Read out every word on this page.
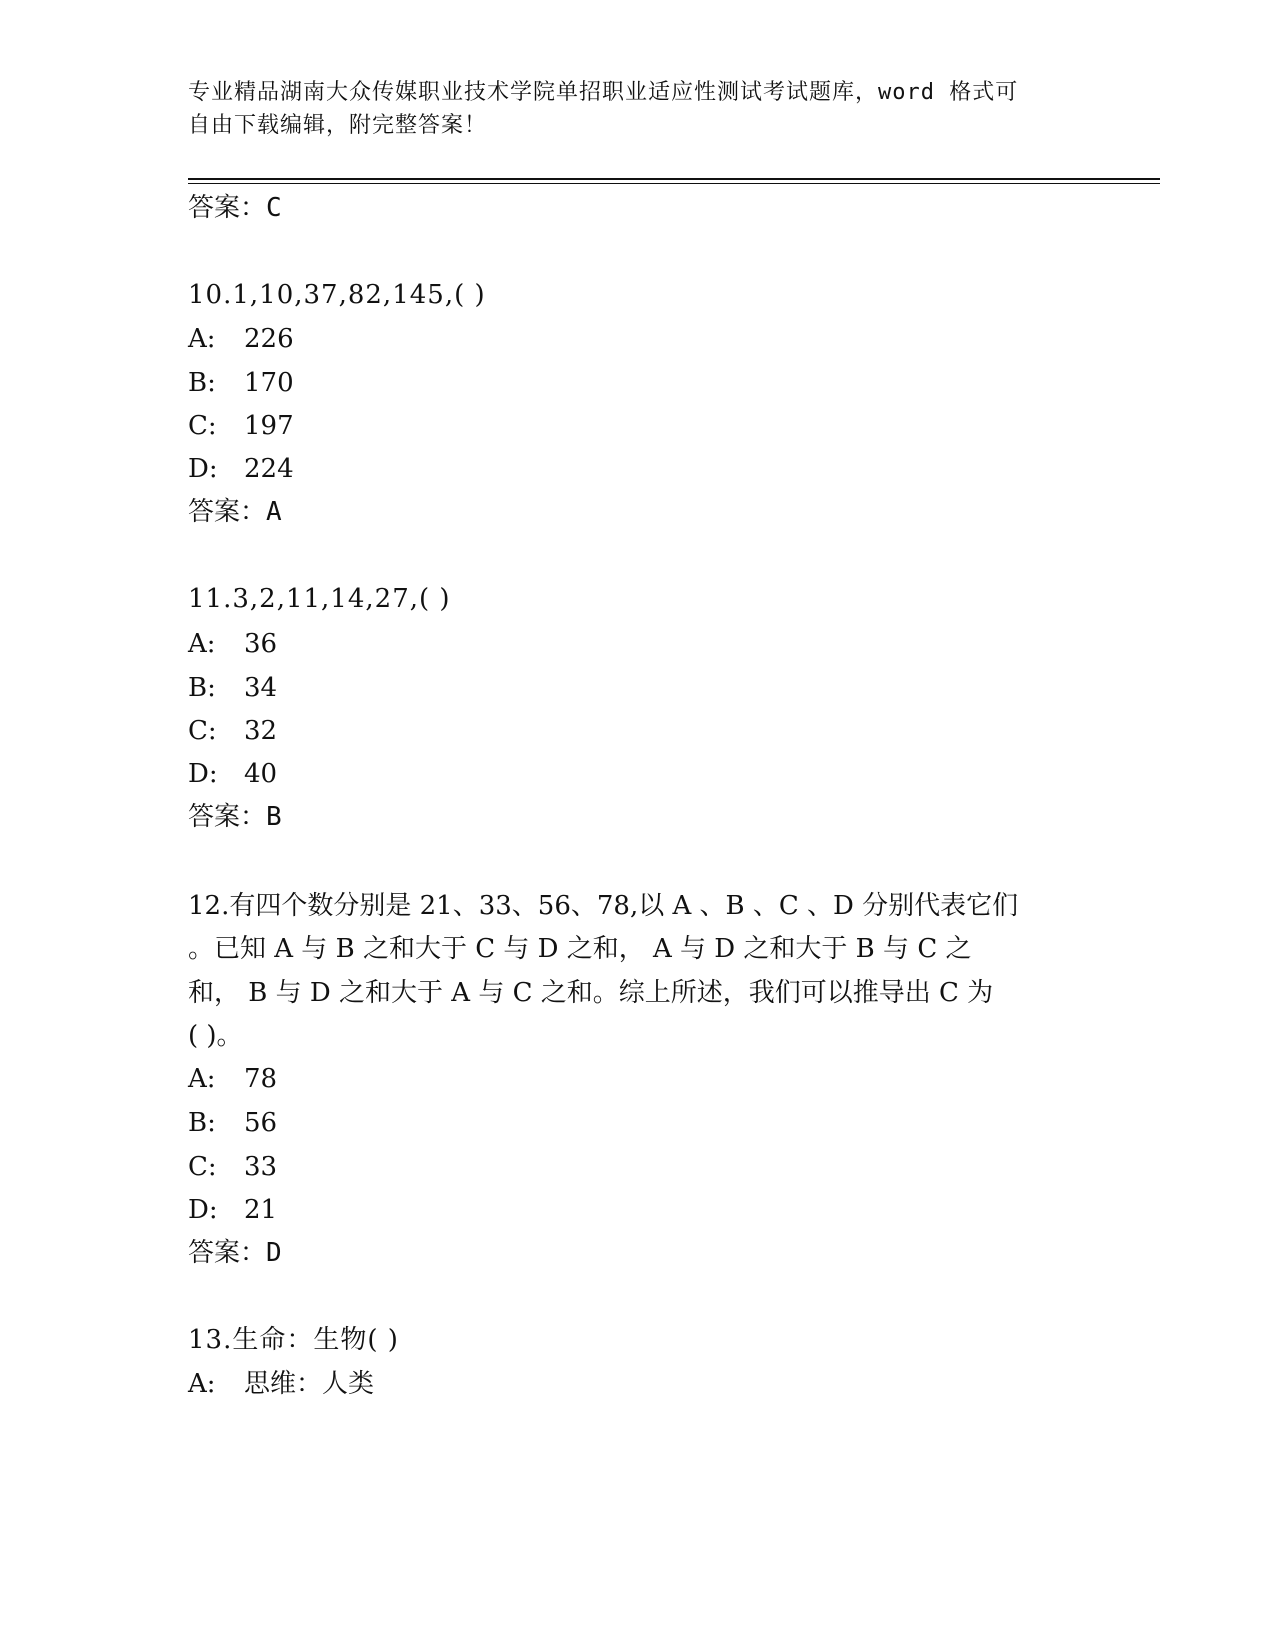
专业精品湖南大众传媒职业技术学院单招职业适应性测试考试题库，word 格式可
自由下载编辑，附完整答案！
答案：C
10.1,10,37,82,145,( )
A: 226
B: 170
C: 197
D: 224
答案：A
11.3,2,11,14,27,( )
A: 36
B: 34
C: 32
D: 40
答案：B
12.有四个数分别是 21、33、56、78,以 A 、B 、C 、D 分别代表它们
。已知 A 与 B 之和大于 C 与 D 之和， A 与 D 之和大于 B 与 C 之
和， B 与 D 之和大于 A 与 C 之和。综上所述，我们可以推导出 C 为
( )。
A: 78
B: 56
C: 33
D: 21
答案：D
13.生命：生物( )
A: 思维：人类
